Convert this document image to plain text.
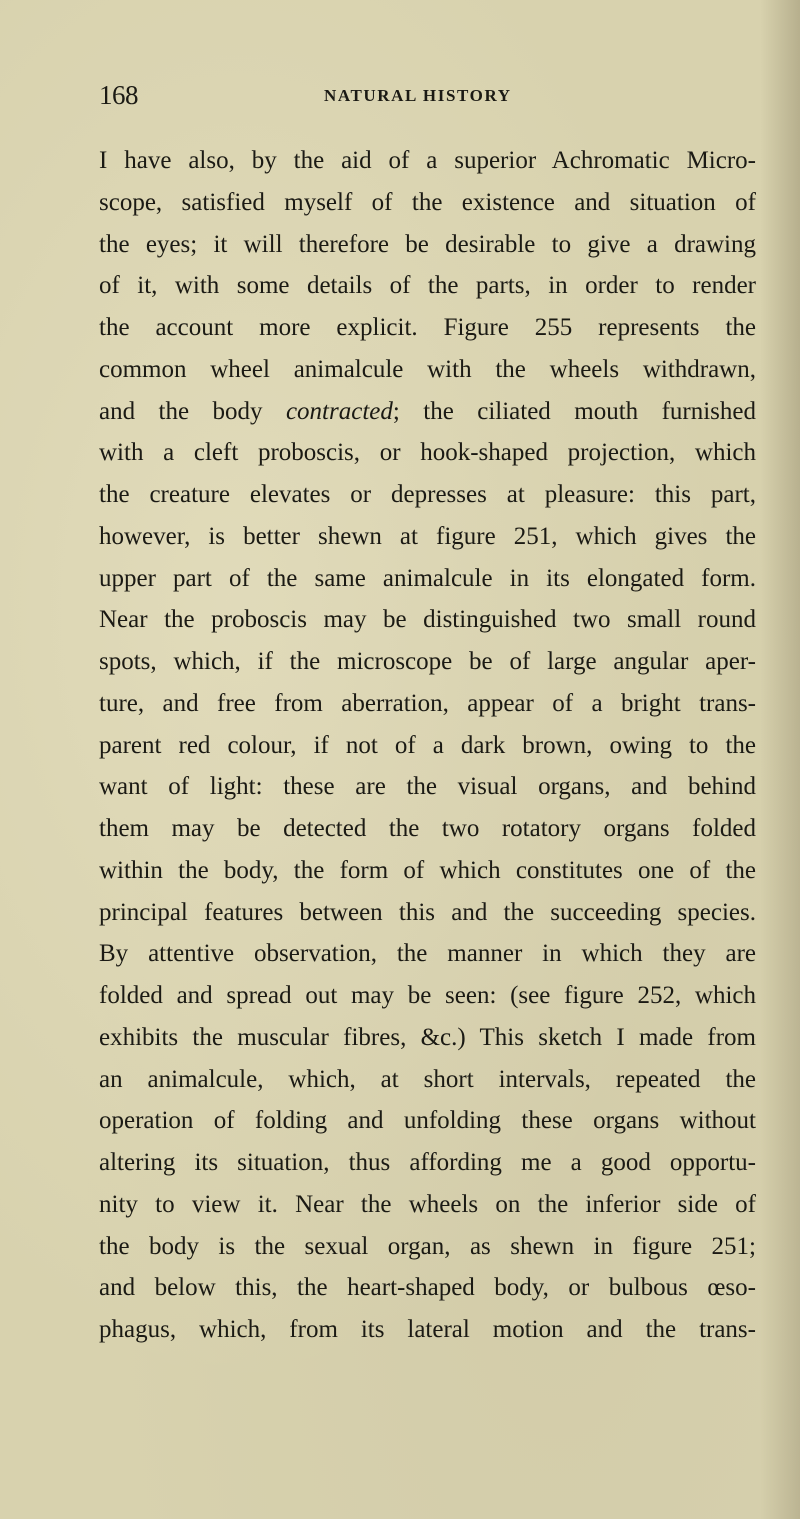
168	NATURAL HISTORY
I have also, by the aid of a superior Achromatic Micro-
scope, satisfied myself of the existence and situation of
the eyes; it will therefore be desirable to give a drawing
of it, with some details of the parts, in order to render
the account more explicit. Figure 255 represents the
common wheel animalcule with the wheels withdrawn,
and the body contracted; the ciliated mouth furnished
with a cleft proboscis, or hook-shaped projection, which
the creature elevates or depresses at pleasure: this part,
however, is better shewn at figure 251, which gives the
upper part of the same animalcule in its elongated form.
Near the proboscis may be distinguished two small round
spots, which, if the microscope be of large angular aper-
ture, and free from aberration, appear of a bright trans-
parent red colour, if not of a dark brown, owing to the
want of light: these are the visual organs, and behind
them may be detected the two rotatory organs folded
within the body, the form of which constitutes one of the
principal features between this and the succeeding species.
By attentive observation, the manner in which they are
folded and spread out may be seen: (see figure 252, which
exhibits the muscular fibres, &c.) This sketch I made from
an animalcule, which, at short intervals, repeated the
operation of folding and unfolding these organs without
altering its situation, thus affording me a good opportu-
nity to view it. Near the wheels on the inferior side of
the body is the sexual organ, as shewn in figure 251;
and below this, the heart-shaped body, or bulbous œso-
phagus, which, from its lateral motion and the trans-
